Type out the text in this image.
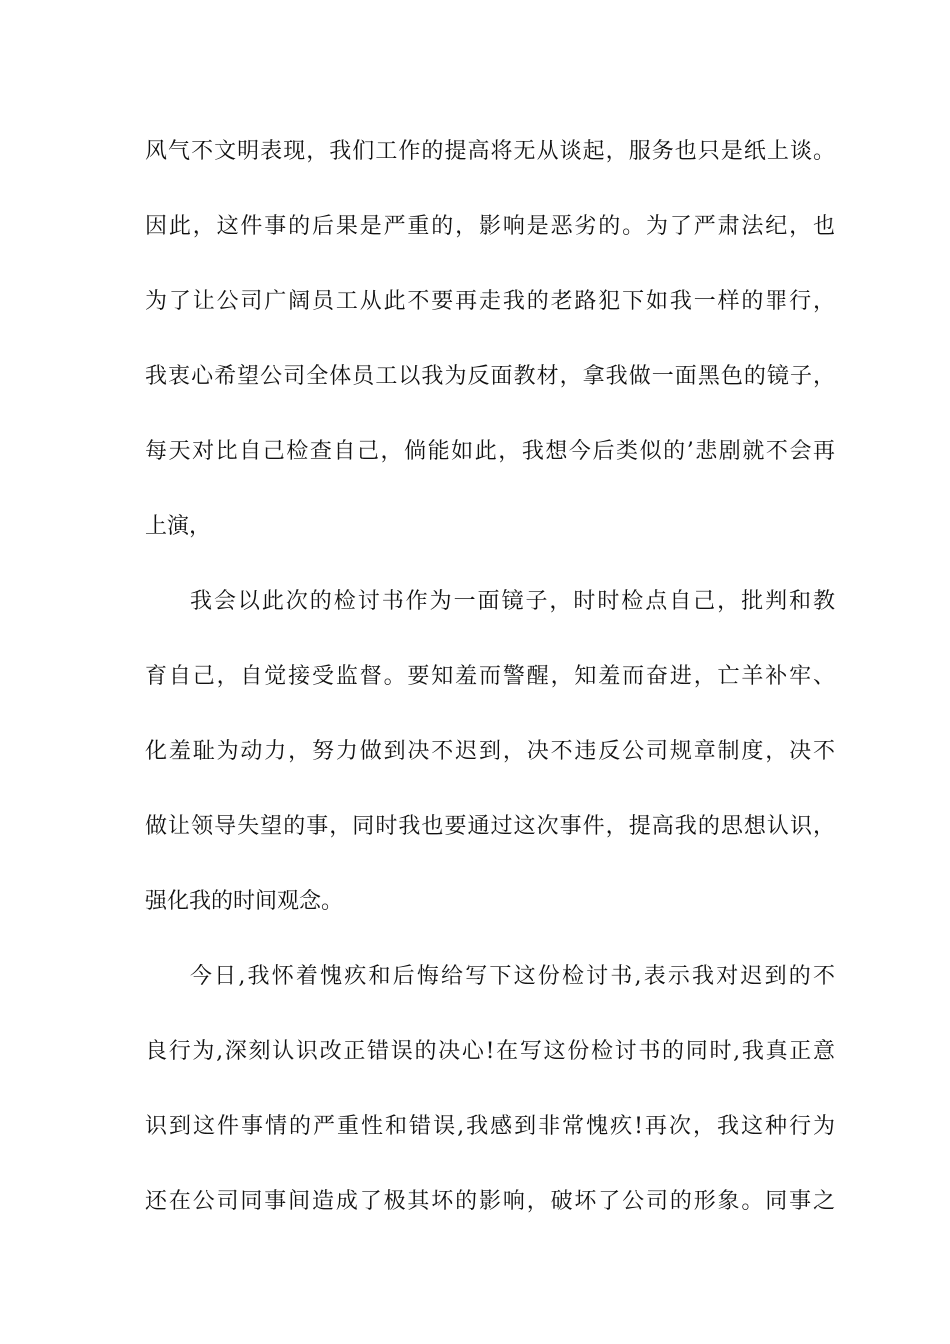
风气不文明表现，我们工作的提高将无从谈起，服务也只是纸上谈。
因此，这件事的后果是严重的，影响是恶劣的。为了严肃法纪，也
为了让公司广阔员工从此不要再走我的老路犯下如我一样的罪行，
我衷心希望公司全体员工以我为反面教材，拿我做一面黑色的镜子，
每天对比自己检查自己，倘能如此，我想今后类似的’悲剧就不会再
上演，
我会以此次的检讨书作为一面镜子，时时检点自己，批判和教
育自己，自觉接受监督。要知羞而警醒，知羞而奋进，亡羊补牢、
化羞耻为动力，努力做到决不迟到，决不违反公司规章制度，决不
做让领导失望的事，同时我也要通过这次事件，提高我的思想认识，
强化我的时间观念。
今日,我怀着愧疚和后悔给写下这份检讨书,表示我对迟到的不
良行为,深刻认识改正错误的决心!在写这份检讨书的同时,我真正意
识到这件事情的严重性和错误,我感到非常愧疚!再次，我这种行为
还在公司同事间造成了极其坏的影响，破坏了公司的形象。同事之
